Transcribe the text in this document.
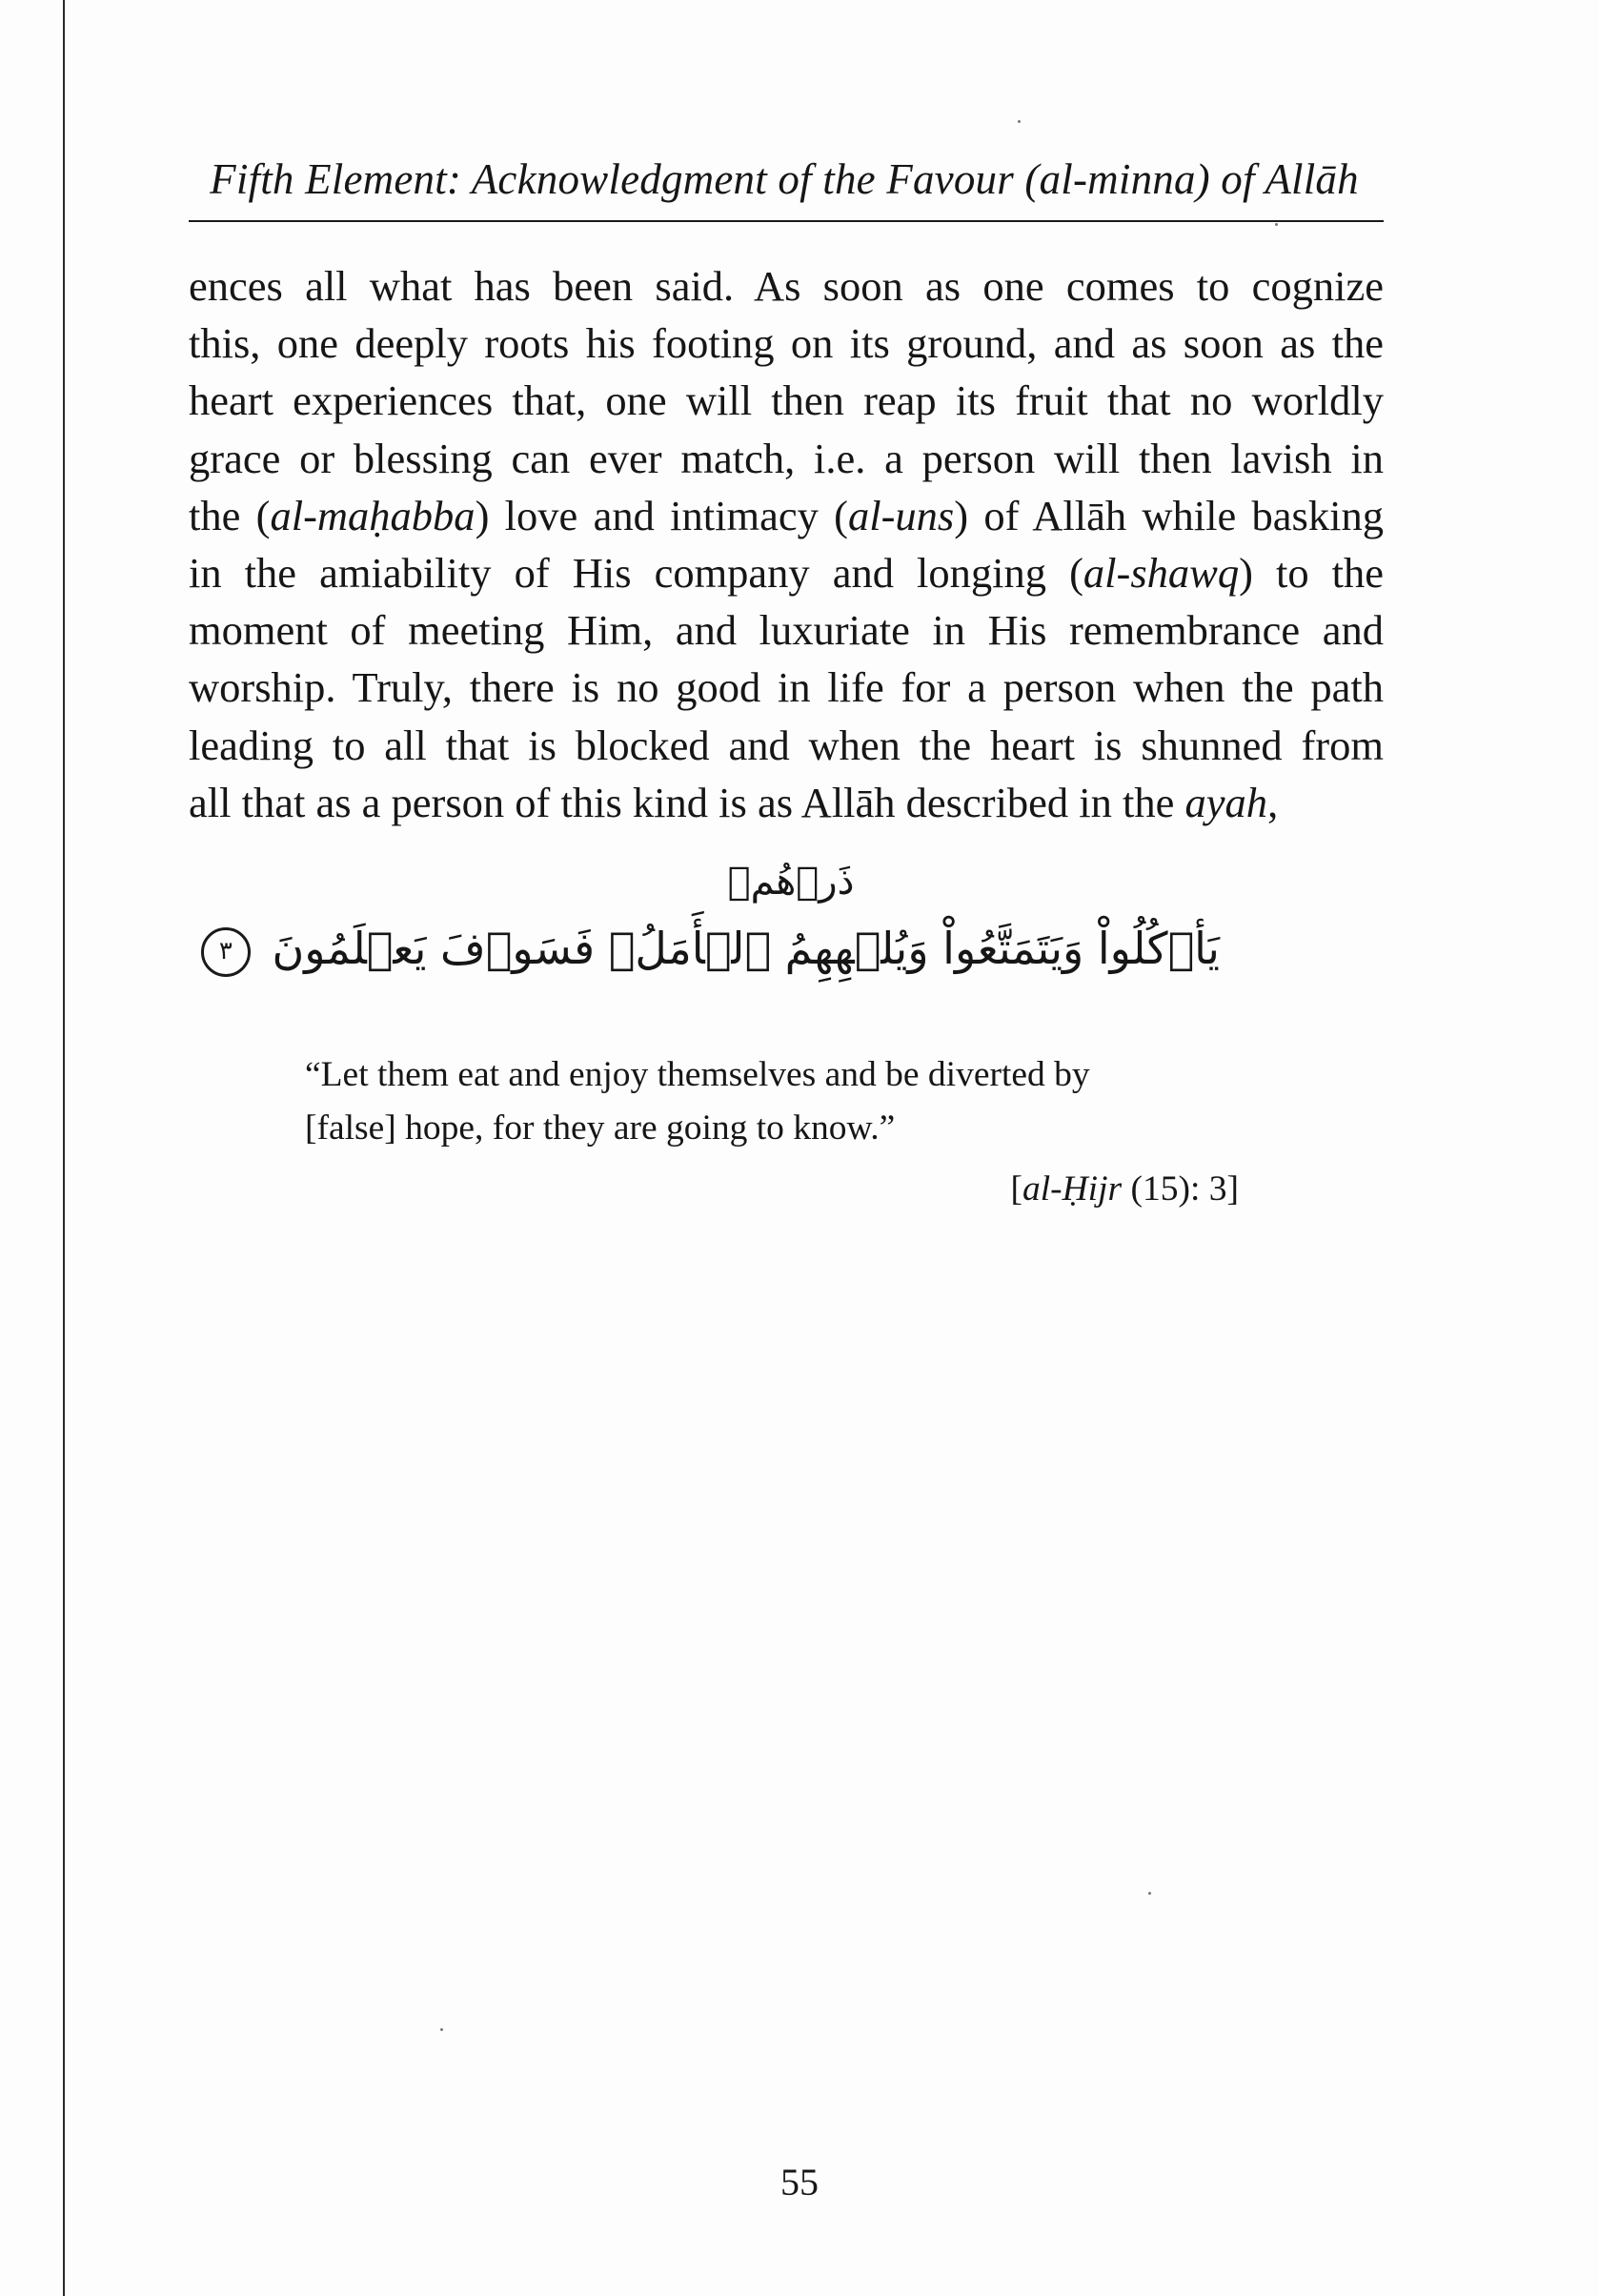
Fifth Element: Acknowledgment of the Favour (al-minna) of Allāh
ences all what has been said. As soon as one comes to cognize
this, one deeply roots his footing on its ground, and as soon as the
heart experiences that, one will then reap its fruit that no worldly
grace or blessing can ever match, i.e. a person will then lavish in
the (al-maḥabba) love and intimacy (al-uns) of Allāh while basking
in the amiability of His company and longing (al-shawq) to the
moment of meeting Him, and luxuriate in His remembrance and
worship. Truly, there is no good in life for a person when the path
leading to all that is blocked and when the heart is shunned from
all that as a person of this kind is as Allāh described in the ayah,
ذَرۡهُمۡ
يَأۡكُلُواْ وَيَتَمَتَّعُواْ وَيُلۡهِهِمُ ٱلۡأَمَلُۖ فَسَوۡفَ يَعۡلَمُونَ ٣
“Let them eat and enjoy themselves and be diverted by
[false] hope, for they are going to know.”
[al-Ḥijr (15): 3]
55
